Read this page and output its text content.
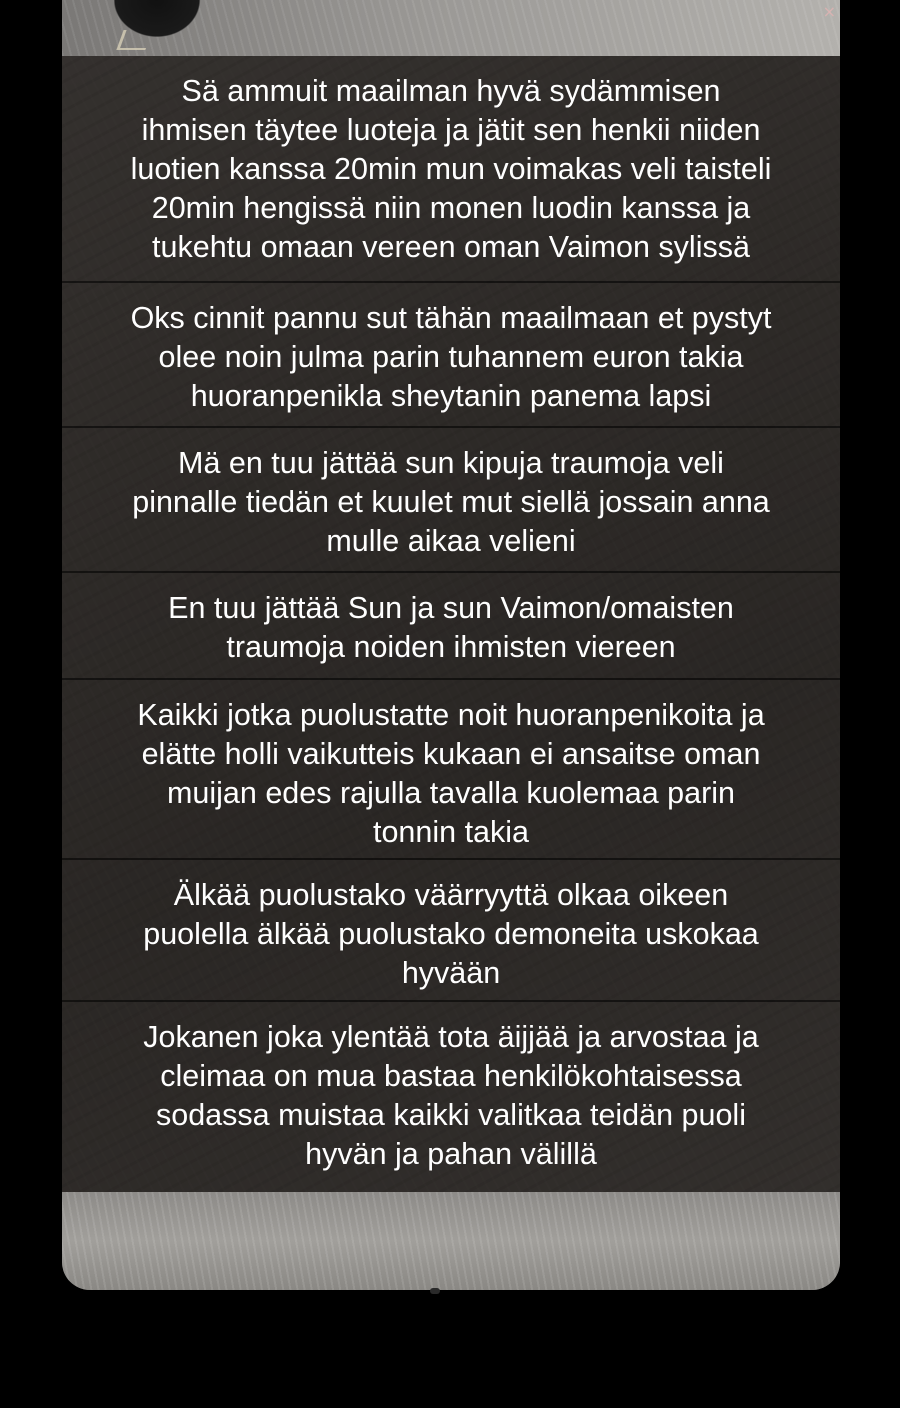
×
Sä ammuit maailman hyvä sydämmisen
ihmisen täytee luoteja ja jätit sen henkii niiden
luotien kanssa 20min mun voimakas veli taisteli
20min hengissä niin monen luodin kanssa ja
tukehtu omaan vereen oman Vaimon sylissä
Oks cinnit pannu sut tähän maailmaan et pystyt
olee noin julma parin tuhannem euron takia
huoranpenikla sheytanin panema lapsi
Mä en tuu jättää sun kipuja traumoja veli
pinnalle tiedän et kuulet mut siellä jossain anna
mulle aikaa velieni
En tuu jättää Sun ja sun Vaimon/omaisten
traumoja noiden ihmisten viereen
Kaikki jotka puolustatte noit huoranpenikoita ja
elätte holli vaikutteis kukaan ei ansaitse oman
muijan edes rajulla tavalla kuolemaa parin
tonnin takia
Älkää puolustako väärryyttä olkaa oikeen
puolella älkää puolustako demoneita uskokaa
hyvään
Jokanen joka ylentää tota äijjää ja arvostaa ja
cleimaa on mua bastaa henkilökohtaisessa
sodassa muistaa kaikki valitkaa teidän puoli
hyvän ja pahan välillä
